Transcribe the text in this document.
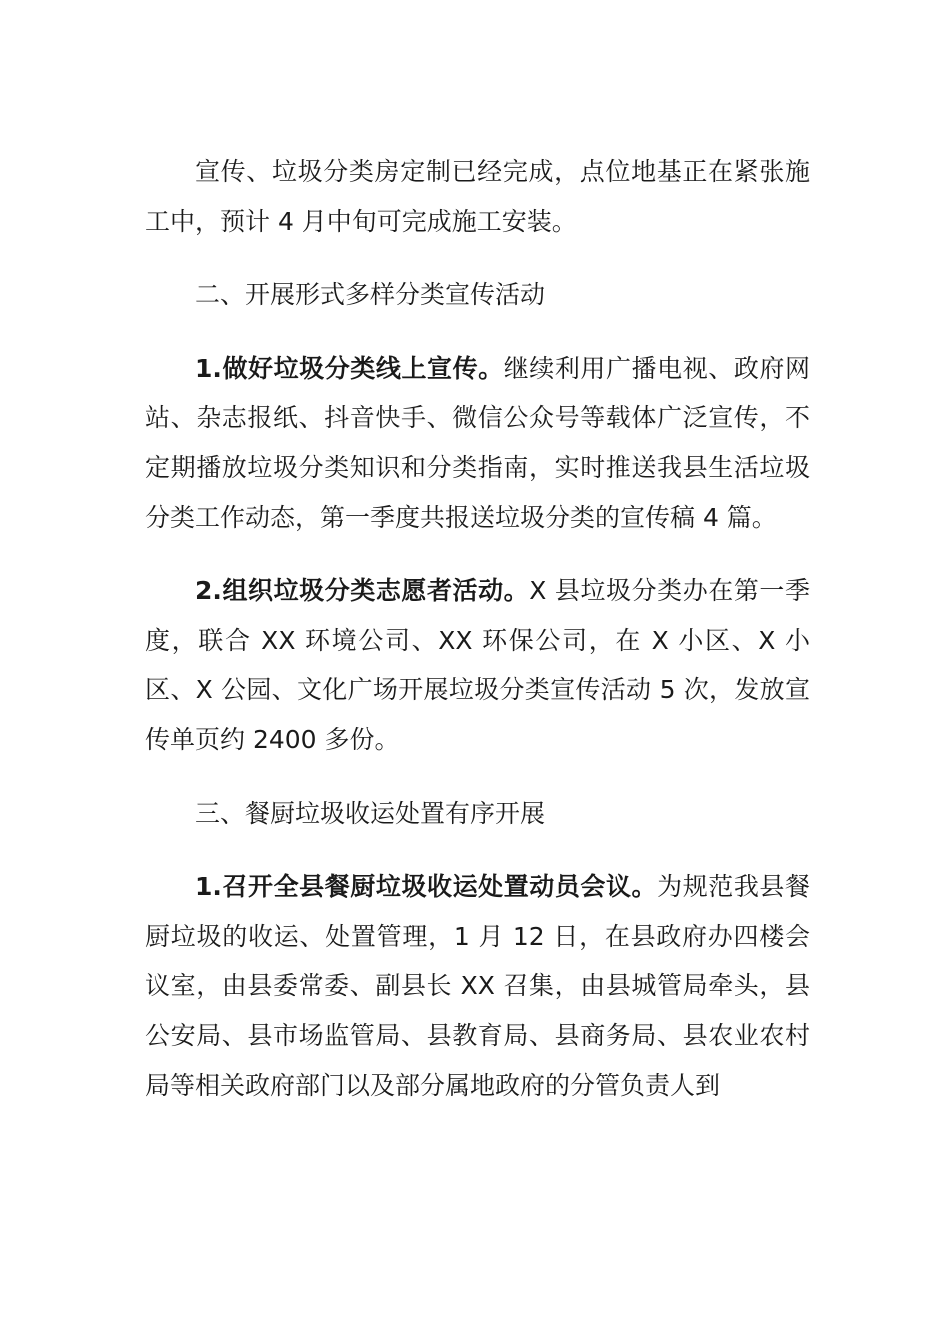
宣传、垃圾分类房定制已经完成，点位地基正在紧张施工中，预计 4 月中旬可完成施工安装。

二、开展形式多样分类宣传活动

1.做好垃圾分类线上宣传。继续利用广播电视、政府网站、杂志报纸、抖音快手、微信公众号等载体广泛宣传，不定期播放垃圾分类知识和分类指南，实时推送我县生活垃圾分类工作动态，第一季度共报送垃圾分类的宣传稿 4 篇。

2.组织垃圾分类志愿者活动。X 县垃圾分类办在第一季度，联合 XX 环境公司、XX 环保公司，在 X 小区、X 小区、X 公园、文化广场开展垃圾分类宣传活动 5 次，发放宣传单页约 2400 多份。

三、餐厨垃圾收运处置有序开展

1.召开全县餐厨垃圾收运处置动员会议。为规范我县餐厨垃圾的收运、处置管理，1 月 12 日，在县政府办四楼会议室，由县委常委、副县长 XX 召集，由县城管局牵头，县公安局、县市场监管局、县教育局、县商务局、县农业农村局等相关政府部门以及部分属地政府的分管负责人到
